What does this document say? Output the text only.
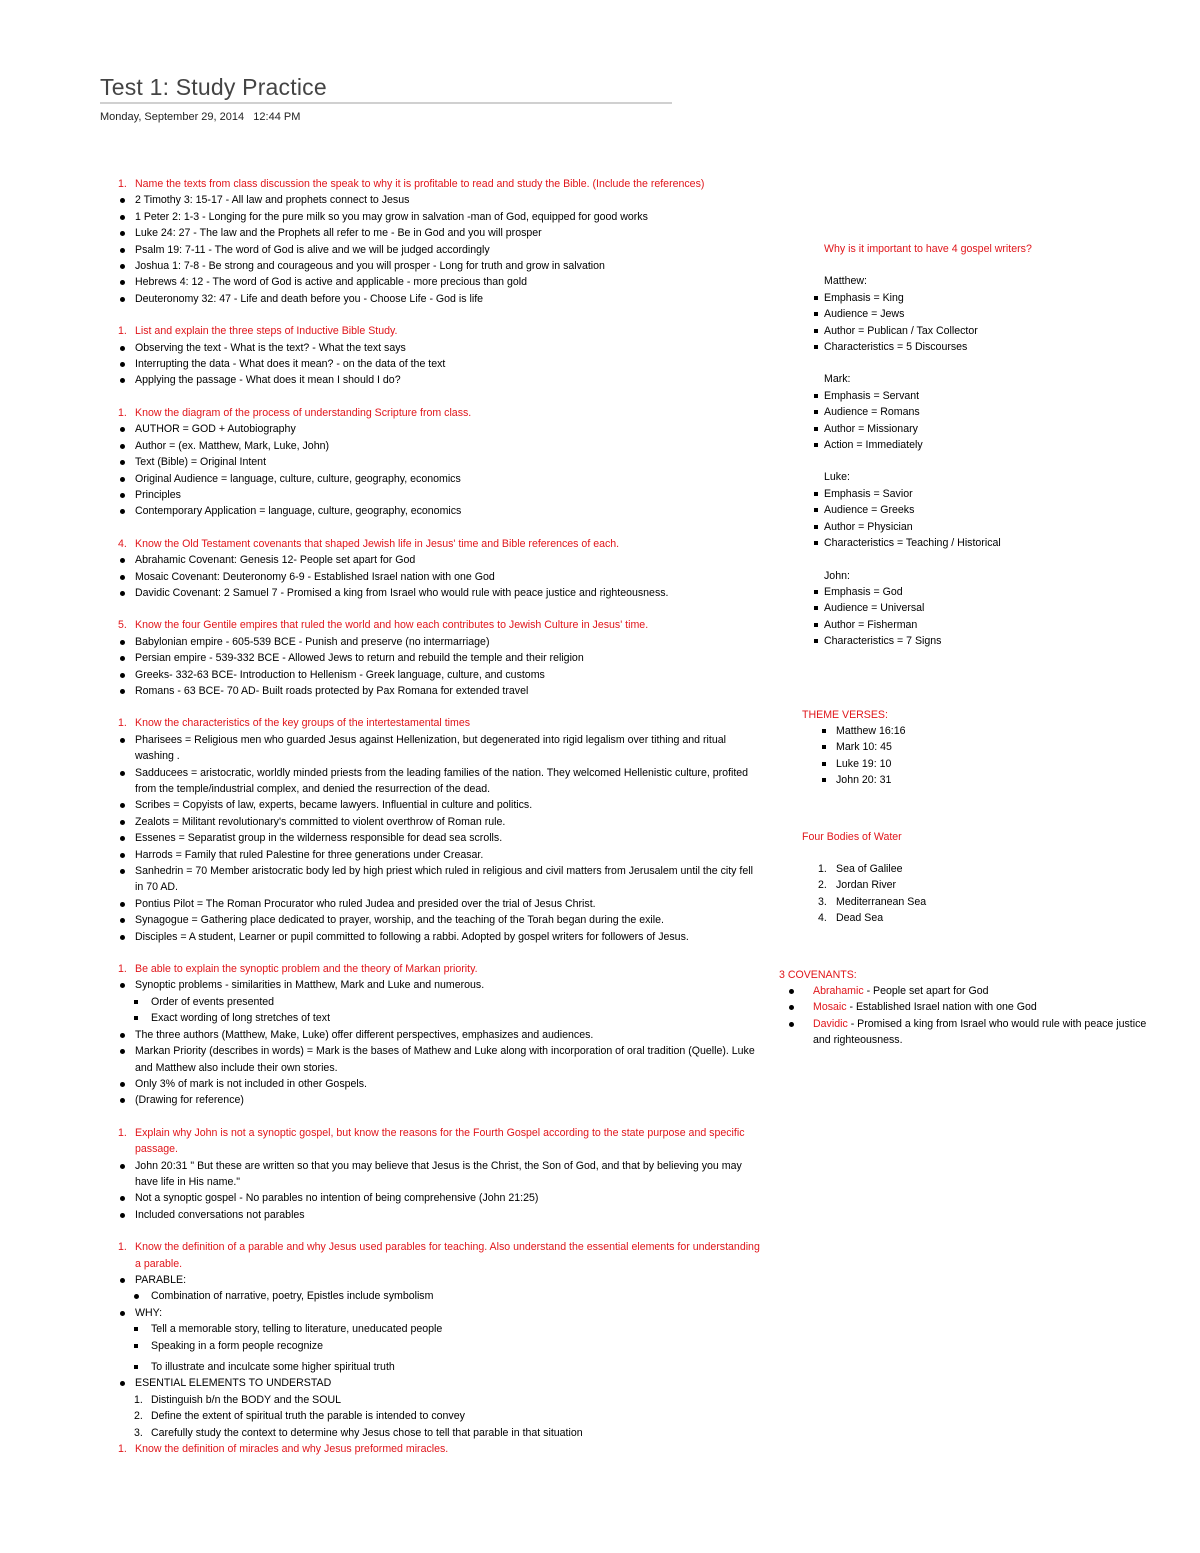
Test 1: Study Practice
Monday, September 29, 2014 12:44 PM
1. Name the texts from class discussion the speak to why it is profitable to read and study the Bible. (Include the references)
2 Timothy 3: 15-17 - All law and prophets connect to Jesus
1 Peter 2: 1-3 - Longing for the pure milk so you may grow in salvation -man of God, equipped for good works
Luke 24: 27 - The law and the Prophets all refer to me - Be in God and you will prosper
Psalm 19: 7-11 - The word of God is alive and we will be judged accordingly
Joshua 1: 7-8 - Be strong and courageous and you will prosper - Long for truth and grow in salvation
Hebrews 4: 12 - The word of God is active and applicable - more precious than gold
Deuteronomy 32: 47 - Life and death before you - Choose Life - God is life
1. List and explain the three steps of Inductive Bible Study.
Observing the text - What is the text? - What the text says
Interrupting the data - What does it mean? - on the data of the text
Applying the passage - What does it mean I should I do?
1. Know the diagram of the process of understanding Scripture from class.
AUTHOR = GOD + Autobiography
Author = (ex. Matthew, Mark, Luke, John)
Text (Bible) = Original Intent
Original Audience = language, culture, culture, geography, economics
Principles
Contemporary Application = language, culture, geography, economics
4. Know the Old Testament covenants that shaped Jewish life in Jesus' time and Bible references of each.
Abrahamic Covenant: Genesis 12- People set apart for God
Mosaic Covenant: Deuteronomy 6-9 - Established Israel nation with one God
Davidic Covenant: 2 Samuel 7 - Promised a king from Israel who would rule with peace justice and righteousness.
5. Know the four Gentile empires that ruled the world and how each contributes to Jewish Culture in Jesus' time.
Babylonian empire - 605-539 BCE - Punish and preserve (no intermarriage)
Persian empire - 539-332 BCE - Allowed Jews to return and rebuild the temple and their religion
Greeks- 332-63 BCE- Introduction to Hellenism - Greek language, culture, and customs
Romans - 63 BCE- 70 AD- Built roads protected by Pax Romana for extended travel
1. Know the characteristics of the key groups of the intertestamental times
Pharisees = Religious men who guarded Jesus against Hellenization, but degenerated into rigid legalism over tithing and ritual washing .
Sadducees = aristocratic, worldly minded priests from the leading families of the nation. They welcomed Hellenistic culture, profited from the temple/industrial complex, and denied the resurrection of the dead.
Scribes = Copyists of law, experts, became lawyers. Influential in culture and politics.
Zealots = Militant revolutionary's committed to violent overthrow of Roman rule.
Essenes = Separatist group in the wilderness responsible for dead sea scrolls.
Harrods = Family that ruled Palestine for three generations under Creasar.
Sanhedrin = 70 Member aristocratic body led by high priest which ruled in religious and civil matters from Jerusalem until the city fell in 70 AD.
Pontius Pilot = The Roman Procurator who ruled Judea and presided over the trial of Jesus Christ.
Synagogue = Gathering place dedicated to prayer, worship, and the teaching of the Torah began during the exile.
Disciples = A student, Learner or pupil committed to following a rabbi. Adopted by gospel writers for followers of Jesus.
1. Be able to explain the synoptic problem and the theory of Markan priority.
Synoptic problems - similarities in Matthew, Mark and Luke and numerous.
Order of events presented
Exact wording of long stretches of text
The three authors (Matthew, Make, Luke) offer different perspectives, emphasizes and audiences.
Markan Priority (describes in words) = Mark is the bases of Mathew and Luke along with incorporation of oral tradition (Quelle). Luke and Matthew also include their own stories.
Only 3% of mark is not included in other Gospels.
(Drawing for reference)
1. Explain why John is not a synoptic gospel, but know the reasons for the Fourth Gospel according to the state purpose and specific passage.
John 20:31 " But these are written so that you may believe that Jesus is the Christ, the Son of God, and that by believing you may have life in His name."
Not a synoptic gospel - No parables no intention of being comprehensive (John 21:25)
Included conversations not parables
1. Know the definition of a parable and why Jesus used parables for teaching. Also understand the essential elements for understanding a parable.
PARABLE:
Combination of narrative, poetry, Epistles include symbolism
WHY:
Tell a memorable story, telling to literature, uneducated people
Speaking in a form people recognize
To illustrate and inculcate some higher spiritual truth
ESENTIAL ELEMENTS TO UNDERSTAD
1. Distinguish b/n the BODY and the SOUL
2. Define the extent of spiritual truth the parable is intended to convey
3. Carefully study the context to determine why Jesus chose to tell that parable in that situation
1. Know the definition of miracles and why Jesus preformed miracles.
Why is it important to have 4 gospel writers?
Matthew:
Emphasis = King
Audience = Jews
Author = Publican / Tax Collector
Characteristics = 5 Discourses
Mark:
Emphasis = Servant
Audience = Romans
Author = Missionary
Action = Immediately
Luke:
Emphasis = Savior
Audience = Greeks
Author = Physician
Characteristics = Teaching / Historical
John:
Emphasis = God
Audience = Universal
Author = Fisherman
Characteristics = 7 Signs
THEME VERSES:
Matthew 16:16
Mark 10: 45
Luke 19: 10
John 20: 31
Four Bodies of Water
1. Sea of Galilee
2. Jordan River
3. Mediterranean Sea
4. Dead Sea
3 COVENANTS:
Abrahamic - People set apart for God
Mosaic - Established Israel nation with one God
Davidic - Promised a king from Israel who would rule with peace justice and righteousness.
